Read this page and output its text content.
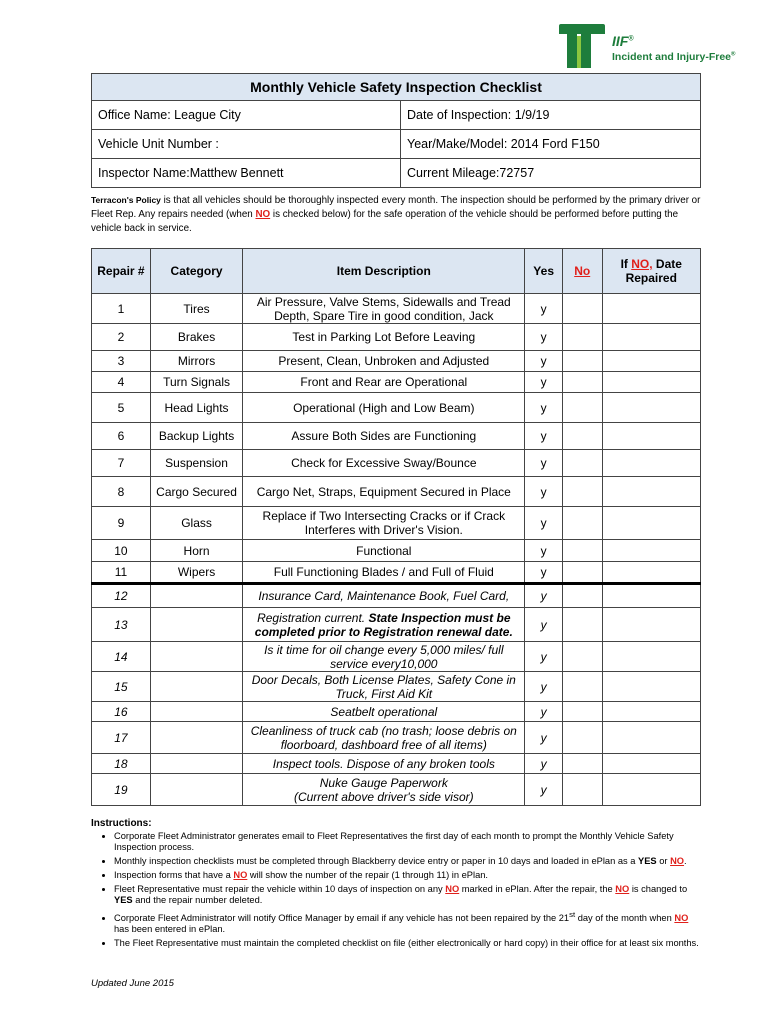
IIF®
Incident and Injury-Free®
Monthly Vehicle Safety Inspection Checklist	
Office Name: League City	Date of Inspection: 1/9/19
Vehicle Unit Number :	Year/Make/Model: 2014 Ford F150
Inspector Name:Matthew Bennett	Current Mileage:72757
Terracon's Policy is that all vehicles should be thoroughly inspected every month. The inspection should be performed by the primary driver or Fleet Rep. Any repairs needed (when NO is checked below) for the safe operation of the vehicle should be performed before putting the vehicle back in service.
Repair #	Category	Item Description	Yes	No	If NO, Date Repaired
1	Tires	Air Pressure, Valve Stems, Sidewalls and Tread Depth, Spare Tire in good condition, Jack	y		
2	Brakes	Test in Parking Lot Before Leaving	y		
3	Mirrors	Present, Clean, Unbroken and Adjusted	y		
4	Turn Signals	Front and Rear are Operational	y		
5	Head Lights	Operational (High and Low Beam)	y		
6	Backup Lights	Assure Both Sides are Functioning	y		
7	Suspension	Check for Excessive Sway/Bounce	y		
8	Cargo Secured	Cargo Net, Straps, Equipment Secured in Place	y		
9	Glass	Replace if Two Intersecting Cracks or if Crack Interferes with Driver's Vision.	y		
10	Horn	Functional	y		
11	Wipers	Full Functioning Blades / and Full of Fluid	y		
12		Insurance Card, Maintenance Book, Fuel Card,	y		
13		Registration current. State Inspection must be completed prior to Registration renewal date.	y		
14		Is it time for oil change every 5,000 miles/ full service every10,000	y		
15		Door Decals, Both License Plates, Safety Cone in Truck, First Aid Kit	y		
16		Seatbelt operational	y		
17		Cleanliness of truck cab (no trash; loose debris on floorboard, dashboard free of all items)	y		
18		Inspect tools. Dispose of any broken tools	y		
19		Nuke Gauge Paperwork
(Current above driver's side visor)	y		
Instructions:
• Corporate Fleet Administrator generates email to Fleet Representatives the first day of each month to prompt the Monthly Vehicle Safety Inspection process.
• Monthly inspection checklists must be completed through Blackberry device entry or paper in 10 days and loaded in ePlan as a YES or NO.
• Inspection forms that have a NO will show the number of the repair (1 through 11) in ePlan.
• Fleet Representative must repair the vehicle within 10 days of inspection on any NO marked in ePlan. After the repair, the NO is changed to YES and the repair number deleted.
• Corporate Fleet Administrator will notify Office Manager by email if any vehicle has not been repaired by the 21st day of the month when NO has been entered in ePlan.
• The Fleet Representative must maintain the completed checklist on file (either electronically or hard copy) in their office for at least six months.
Updated June 2015
